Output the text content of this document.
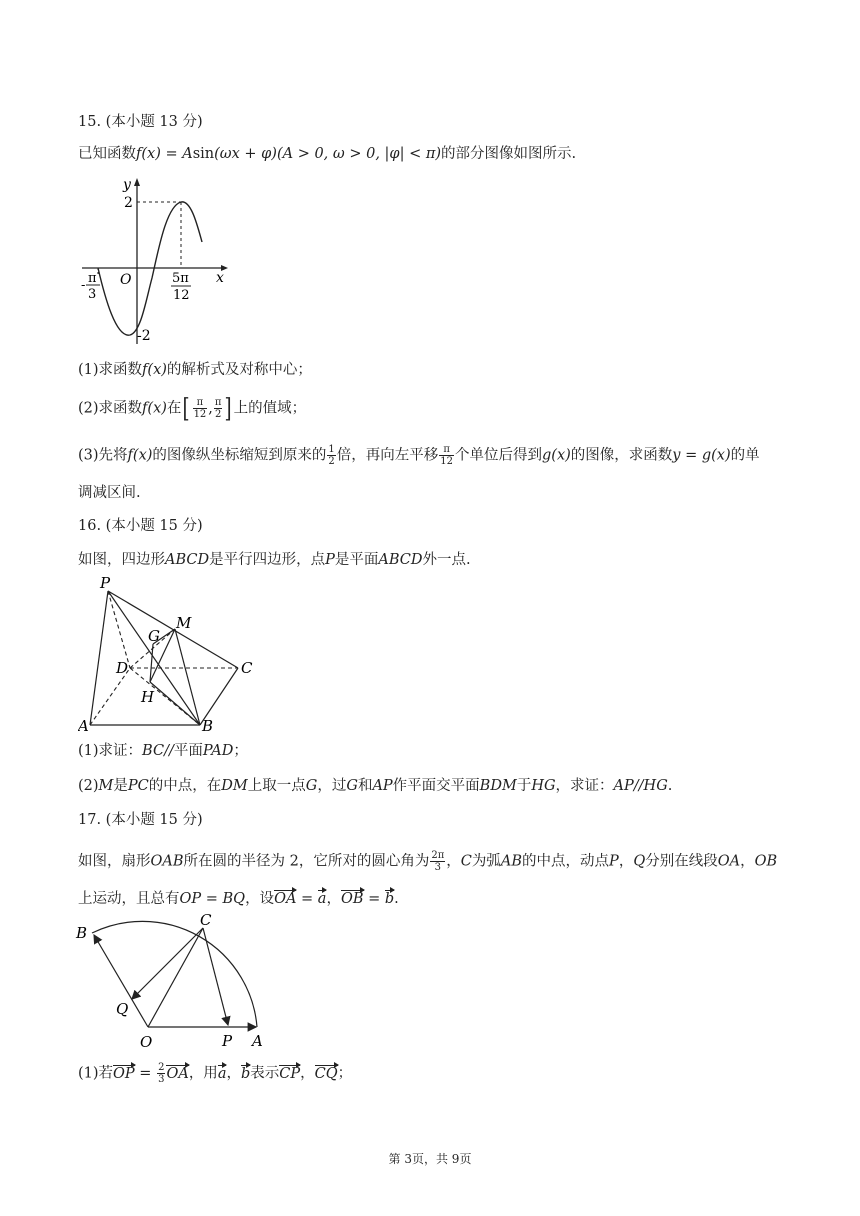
15. (本小题 13 分)
已知函数f(x) = Asin(ωx + φ)(A > 0, ω > 0, |φ| < π)的部分图像如图所示.
y
x
O
2
-2
- π
3
5π
12
(1)求函数f(x)的解析式及对称中心；
(2)求函数f(x)在[ $\frac{\pi}{12}$ , $\frac{\pi}{2}$ ] 上的值域；
(3)先将f(x)的图像纵坐标缩短到原来的 $\frac{1}{2}$ 倍，再向左平移 $\frac{\pi}{12}$ 个单位后得到g(x)的图像，求函数y = g(x)的单
调减区间.
16. (本小题 15 分)
如图，四边形ABCD是平行四边形，点P是平面ABCD外一点.
P
G
M
D	C
H
A	B
(1)求证：BC//平面PAD；
(2)M是PC的中点，在DM上取一点G，过G和AP作平面交平面BDM于HG，求证：AP//HG.
17. (本小题 15 分)
如图，扇形OAB所在圆的半径为 2，它所对的圆心角为 $\frac{2\pi}{3}$ ，C为弧AB的中点，动点P，Q分别在线段OA，OB
上运动，且总有OP = BQ，设OA = a，OB = b.
B
C
Q
O	P A
(1)若OP = $\frac{2}{3}$ OA，用a，b表示CP，CQ；
第 3页，共 9页
